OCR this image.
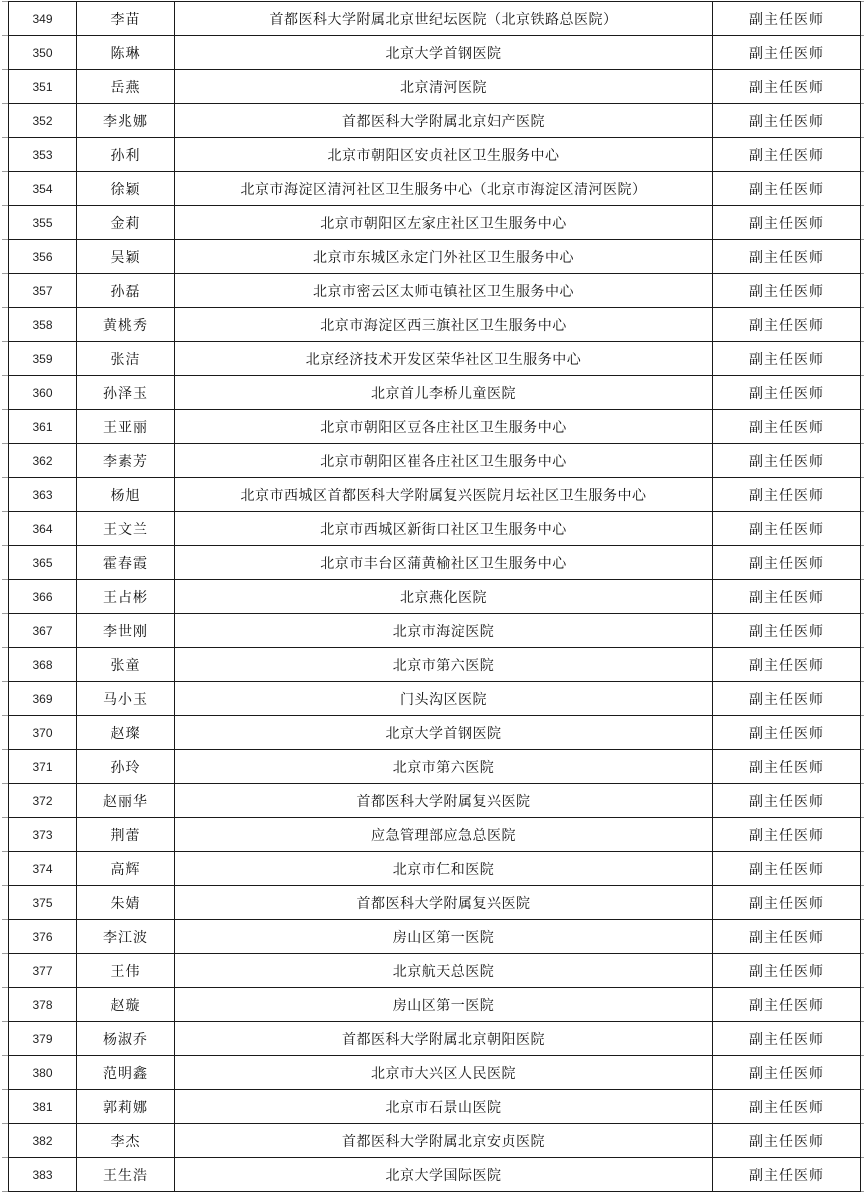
349	李苗	首都医科大学附属北京世纪坛医院（北京铁路总医院）	副主任医师
350	陈琳	北京大学首钢医院	副主任医师
351	岳燕	北京清河医院	副主任医师
352	李兆娜	首都医科大学附属北京妇产医院	副主任医师
353	孙利	北京市朝阳区安贞社区卫生服务中心	副主任医师
354	徐颖	北京市海淀区清河社区卫生服务中心（北京市海淀区清河医院）	副主任医师
355	金莉	北京市朝阳区左家庄社区卫生服务中心	副主任医师
356	吴颖	北京市东城区永定门外社区卫生服务中心	副主任医师
357	孙磊	北京市密云区太师屯镇社区卫生服务中心	副主任医师
358	黄桃秀	北京市海淀区西三旗社区卫生服务中心	副主任医师
359	张洁	北京经济技术开发区荣华社区卫生服务中心	副主任医师
360	孙泽玉	北京首儿李桥儿童医院	副主任医师
361	王亚丽	北京市朝阳区豆各庄社区卫生服务中心	副主任医师
362	李素芳	北京市朝阳区崔各庄社区卫生服务中心	副主任医师
363	杨旭	北京市西城区首都医科大学附属复兴医院月坛社区卫生服务中心	副主任医师
364	王文兰	北京市西城区新街口社区卫生服务中心	副主任医师
365	霍春霞	北京市丰台区蒲黄榆社区卫生服务中心	副主任医师
366	王占彬	北京燕化医院	副主任医师
367	李世刚	北京市海淀医院	副主任医师
368	张童	北京市第六医院	副主任医师
369	马小玉	门头沟区医院	副主任医师
370	赵璨	北京大学首钢医院	副主任医师
371	孙玲	北京市第六医院	副主任医师
372	赵丽华	首都医科大学附属复兴医院	副主任医师
373	荆蕾	应急管理部应急总医院	副主任医师
374	高辉	北京市仁和医院	副主任医师
375	朱婧	首都医科大学附属复兴医院	副主任医师
376	李江波	房山区第一医院	副主任医师
377	王伟	北京航天总医院	副主任医师
378	赵璇	房山区第一医院	副主任医师
379	杨淑乔	首都医科大学附属北京朝阳医院	副主任医师
380	范明鑫	北京市大兴区人民医院	副主任医师
381	郭莉娜	北京市石景山医院	副主任医师
382	李杰	首都医科大学附属北京安贞医院	副主任医师
383	王生浩	北京大学国际医院	副主任医师
